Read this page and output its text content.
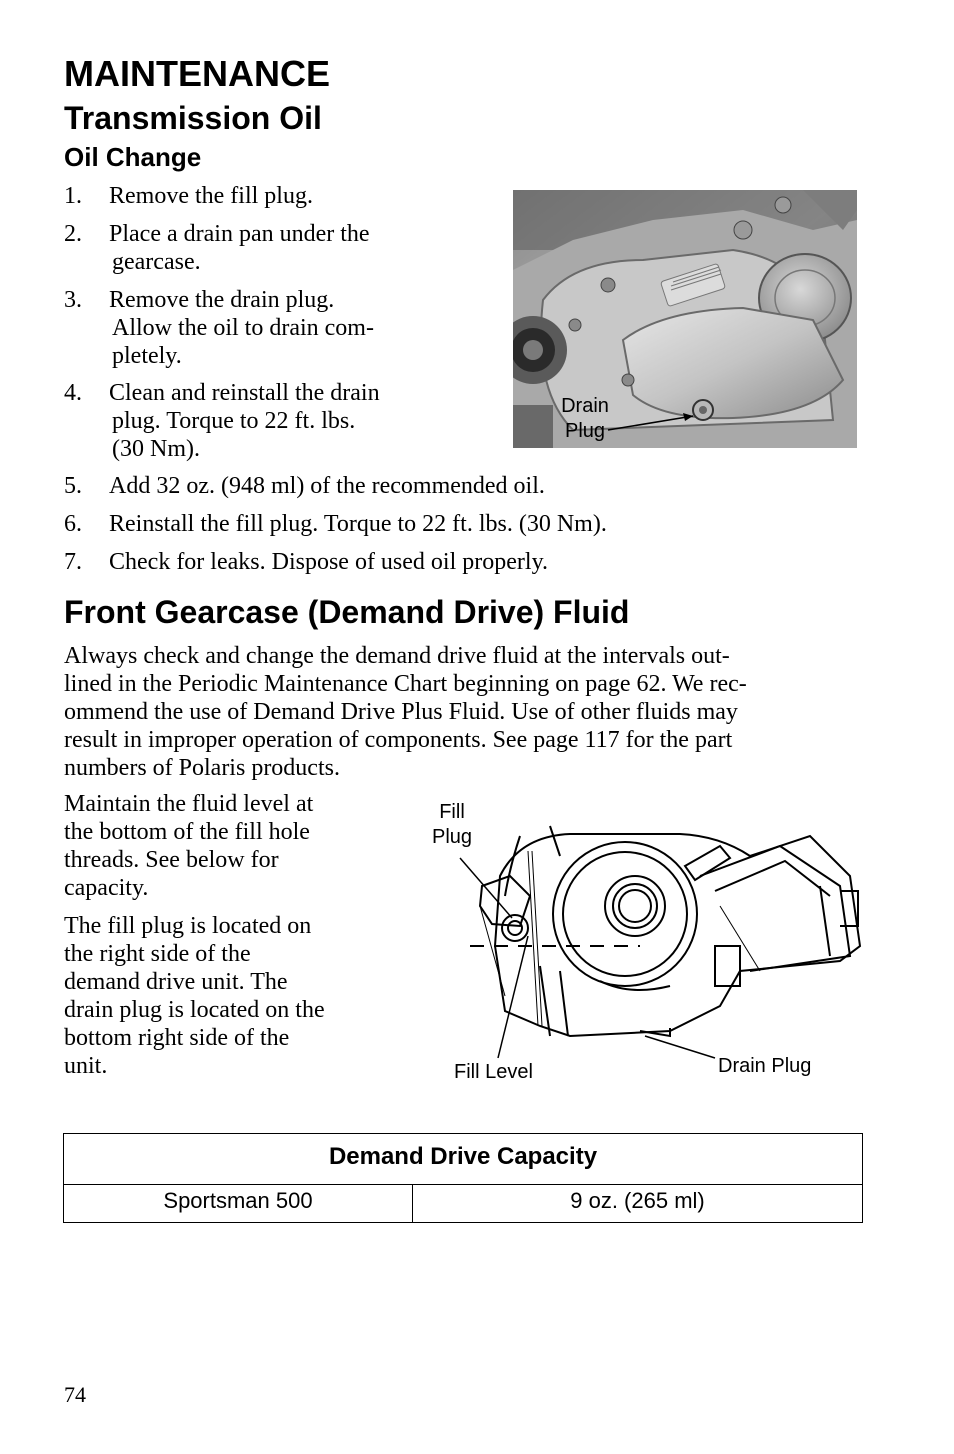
MAINTENANCE
Transmission Oil
Oil Change
1. Remove the fill plug.
2. Place a drain pan under the
gearcase.
3. Remove the drain plug.
Allow the oil to drain com-
pletely.
4. Clean and reinstall the drain
plug. Torque to 22 ft. lbs.
(30 Nm).
5. Add 32 oz. (948 ml) of the recommended oil.
6. Reinstall the fill plug. Torque to 22 ft. lbs. (30 Nm).
7. Check for leaks. Dispose of used oil properly.
Drain
Plug
Front Gearcase (Demand Drive) Fluid
Always check and change the demand drive fluid at the intervals out-
lined in the Periodic Maintenance Chart beginning on page 62. We rec-
ommend the use of Demand Drive Plus Fluid. Use of other fluids may
result in improper operation of components. See page 117 for the part
numbers of Polaris products.
Maintain the fluid level at
the bottom of the fill hole
threads. See below for
capacity.
The fill plug is located on
the right side of the
demand drive unit. The
drain plug is located on the
bottom right side of the
unit.
Fill
Plug
Fill Level	Drain Plug
Demand Drive Capacity
Sportsman 500	9 oz. (265 ml)
74
